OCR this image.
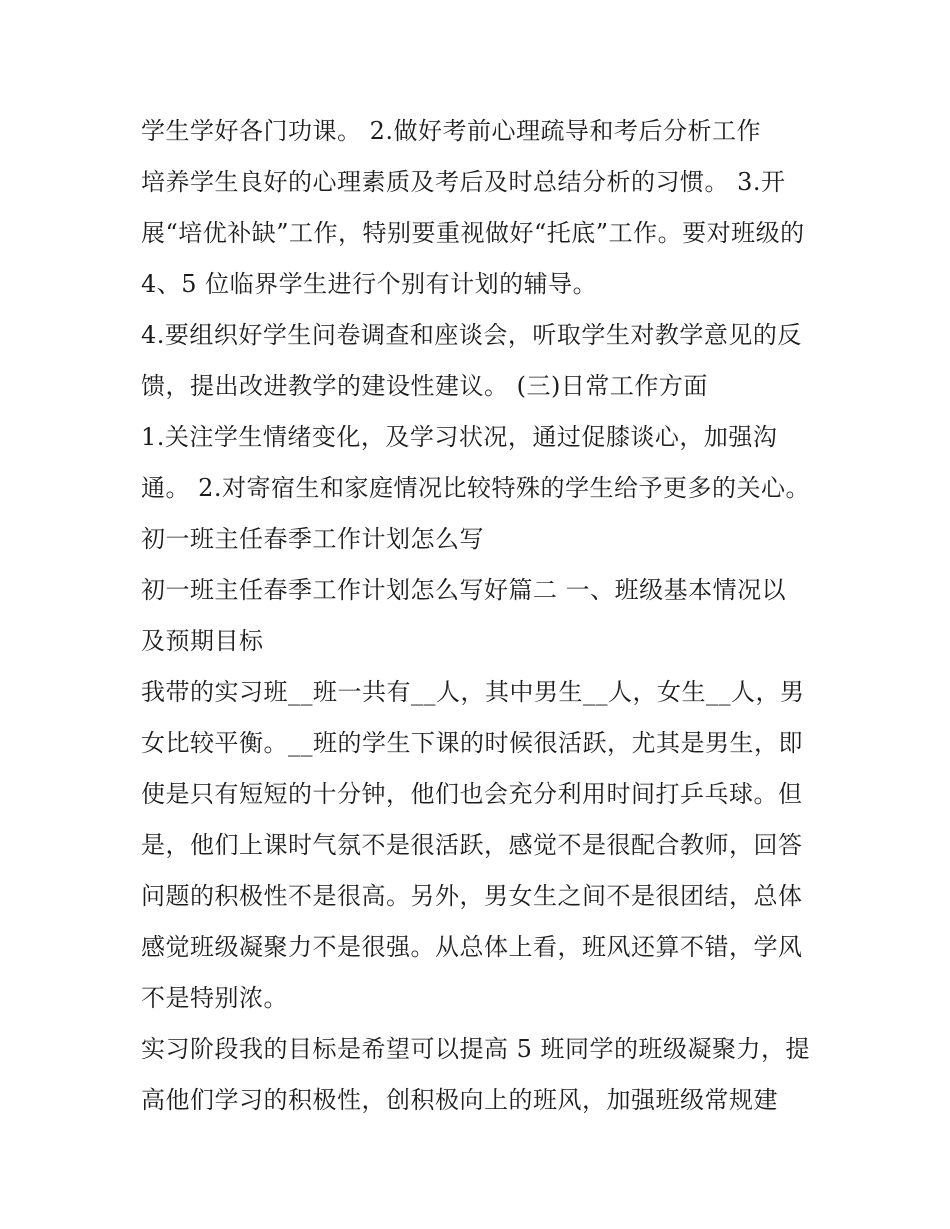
学生学好各门功课。 2.做好考前心理疏导和考后分析工作
培养学生良好的心理素质及考后及时总结分析的习惯。 3.开
展“培优补缺”工作，特别要重视做好“托底”工作。要对班级的
4、5 位临界学生进行个别有计划的辅导。
4.要组织好学生问卷调查和座谈会，听取学生对教学意见的反
馈，提出改进教学的建设性建议。 (三)日常工作方面
1.关注学生情绪变化，及学习状况，通过促膝谈心，加强沟
通。 2.对寄宿生和家庭情况比较特殊的学生给予更多的关心。
初一班主任春季工作计划怎么写
初一班主任春季工作计划怎么写好篇二 一、班级基本情况以
及预期目标
我带的实习班__班一共有__人，其中男生__人，女生__人，男
女比较平衡。__班的学生下课的时候很活跃，尤其是男生，即
使是只有短短的十分钟，他们也会充分利用时间打乒乓球。但
是，他们上课时气氛不是很活跃，感觉不是很配合教师，回答
问题的积极性不是很高。另外，男女生之间不是很团结，总体
感觉班级凝聚力不是很强。从总体上看，班风还算不错，学风
不是特别浓。
实习阶段我的目标是希望可以提高 5 班同学的班级凝聚力，提
高他们学习的积极性，创积极向上的班风，加强班级常规建
